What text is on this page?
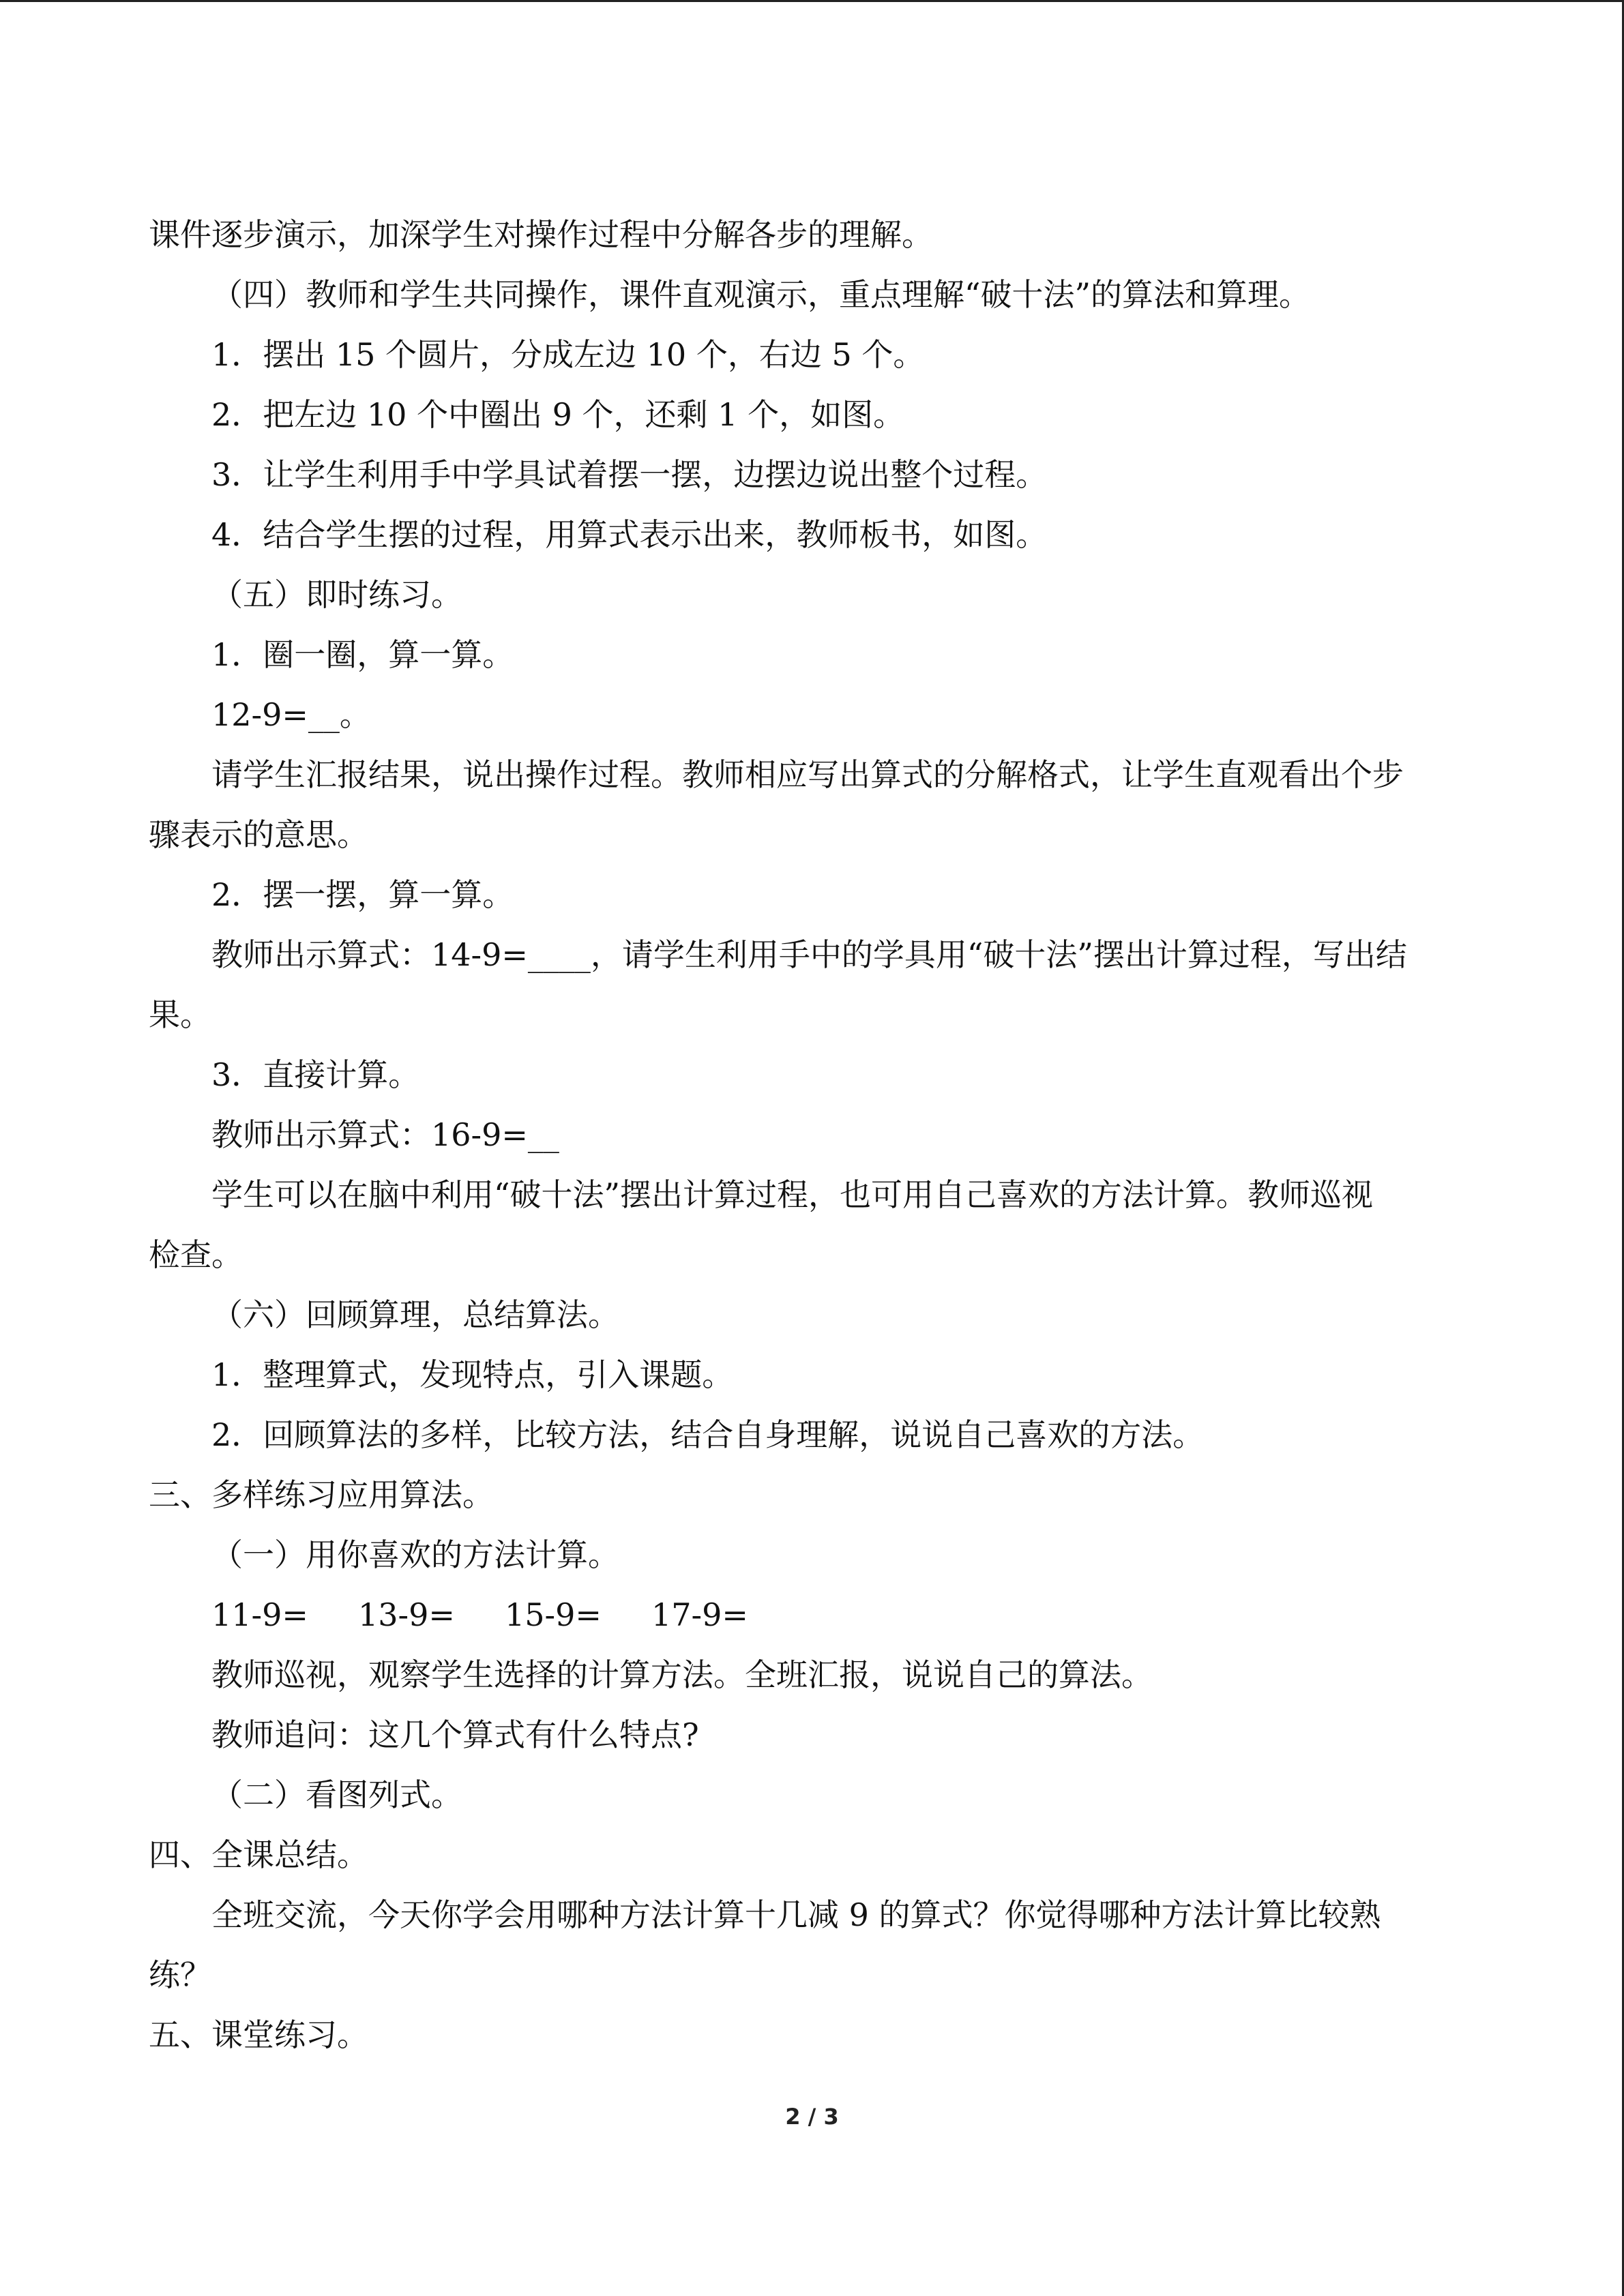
课件逐步演示，加深学生对操作过程中分解各步的理解。

（四）教师和学生共同操作，课件直观演示，重点理解“破十法”的算法和算理。

1．摆出 15 个圆片，分成左边 10 个，右边 5 个。

2．把左边 10 个中圈出 9 个，还剩 1 个，如图。

3．让学生利用手中学具试着摆一摆，边摆边说出整个过程。

4．结合学生摆的过程，用算式表示出来，教师板书，如图。

（五）即时练习。

1．圈一圈，算一算。

12-9=__。

请学生汇报结果，说出操作过程。教师相应写出算式的分解格式，让学生直观看出个步

骤表示的意思。

2．摆一摆，算一算。

教师出示算式：14-9=____，请学生利用手中的学具用“破十法”摆出计算过程，写出结

果。

3．直接计算。

教师出示算式：16-9=__

学生可以在脑中利用“破十法”摆出计算过程，也可用自己喜欢的方法计算。教师巡视

检查。

（六）回顾算理，总结算法。

1．整理算式，发现特点，引入课题。

2．回顾算法的多样，比较方法，结合自身理解，说说自己喜欢的方法。

三、多样练习应用算法。

（一）用你喜欢的方法计算。

11-9=     13-9=     15-9=     17-9=

教师巡视，观察学生选择的计算方法。全班汇报，说说自己的算法。

教师追问：这几个算式有什么特点?

（二）看图列式。

四、全课总结。

全班交流，今天你学会用哪种方法计算十几减 9 的算式？你觉得哪种方法计算比较熟

练？

五、课堂练习。

2 / 3
